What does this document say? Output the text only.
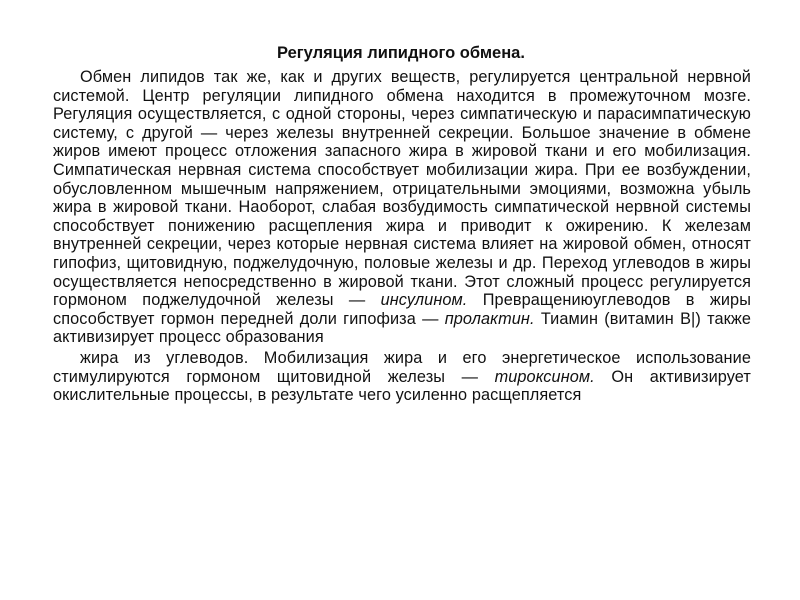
Регуляция липидного обмена.

Обмен липидов так же, как и других веществ, регулируется центральной нервной системой. Центр регуляции липидного обмена находится в промежуточном мозге. Регуляция осуществляется, с одной стороны, через симпатическую и парасимпатическую систему, с другой — через железы внутренней секреции. Большое значение в обмене жиров имеют процесс отложения запасного жира в жировой ткани и его мобилизация. Симпатическая нервная система способствует мобилизации жира. При ее возбуждении, обусловленном мышечным напряжением, отрицательными эмоциями, возможна убыль жира в жировой ткани. Наоборот, слабая возбудимость симпатической нервной системы способствует понижению расщепления жира и приводит к ожирению. К железам внутренней секреции, через которые нервная система влияет на жировой обмен, относят гипофиз, щитовидную, поджелудочную, половые железы и др. Переход углеводов в жиры осуществляется непосредственно в жировой ткани. Этот сложный процесс регулируется гормоном поджелудочной железы — инсулином. Превращениюуглеводов в жиры способствует гормон передней доли гипофиза — пролактин. Тиамин (витамин В|) также активизирует процесс образования

жира из углеводов. Мобилизация жира и его энергетическое использование стимулируются гормоном щитовидной железы — тироксином. Он активизирует окислительные процессы, в результате чего усиленно расщепляется
